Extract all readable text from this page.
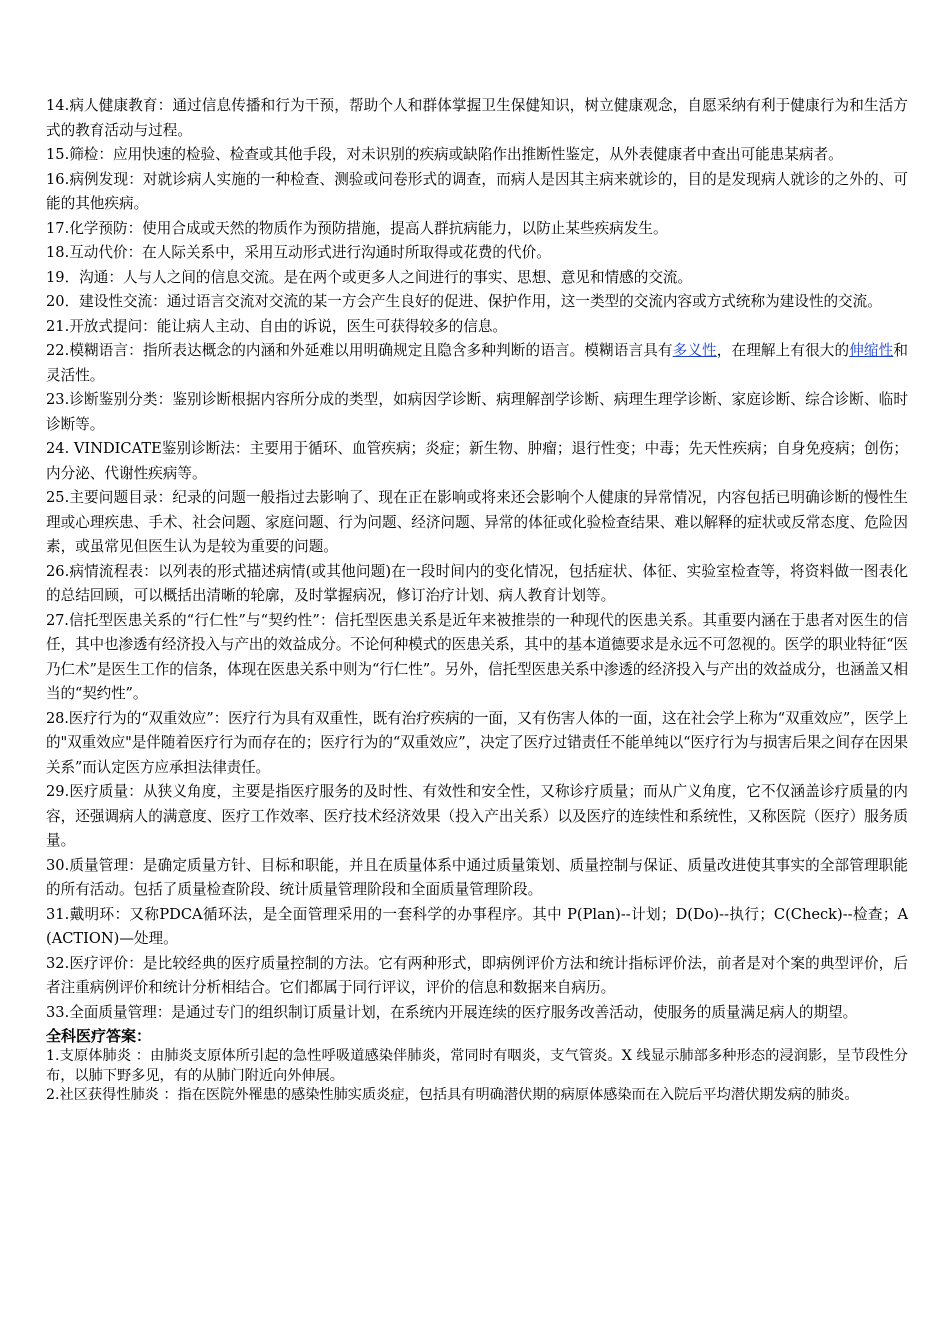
14.病人健康教育：通过信息传播和行为干预，帮助个人和群体掌握卫生保健知识，树立健康观念，自愿采纳有利于健康行为和生活方式的教育活动与过程。

15.筛检：应用快速的检验、检查或其他手段，对未识别的疾病或缺陷作出推断性鉴定，从外表健康者中查出可能患某病者。

16.病例发现：对就诊病人实施的一种检查、测验或问卷形式的调查，而病人是因其主病来就诊的，目的是发现病人就诊的之外的、可能的其他疾病。

17.化学预防：使用合成或天然的物质作为预防措施，提高人群抗病能力，以防止某些疾病发生。

18.互动代价：在人际关系中，采用互动形式进行沟通时所取得或花费的代价。

19．沟通：人与人之间的信息交流。是在两个或更多人之间进行的事实、思想、意见和情感的交流。

20．建设性交流：通过语言交流对交流的某一方会产生良好的促进、保护作用，这一类型的交流内容或方式统称为建设性的交流。

21.开放式提问：能让病人主动、自由的诉说，医生可获得较多的信息。

22.模糊语言：指所表达概念的内涵和外延难以用明确规定且隐含多种判断的语言。模糊语言具有多义性，在理解上有很大的伸缩性和灵活性。

23.诊断鉴别分类：鉴别诊断根据内容所分成的类型，如病因学诊断、病理解剖学诊断、病理生理学诊断、家庭诊断、综合诊断、临时诊断等。

24. VINDICATE鉴别诊断法：主要用于循环、血管疾病；炎症；新生物、肿瘤；退行性变；中毒；先天性疾病；自身免疫病；创伤；内分泌、代谢性疾病等。

25.主要问题目录：纪录的问题一般指过去影响了、现在正在影响或将来还会影响个人健康的异常情况，内容包括已明确诊断的慢性生理或心理疾患、手术、社会问题、家庭问题、行为问题、经济问题、异常的体征或化验检查结果、难以解释的症状或反常态度、危险因素，或虽常见但医生认为是较为重要的问题。

26.病情流程表：以列表的形式描述病情(或其他问题)在一段时间内的变化情况，包括症状、体征、实验室检查等，将资料做一图表化的总结回顾，可以概括出清晰的轮廓，及时掌握病况，修订治疗计划、病人教育计划等。

27.信托型医患关系的“行仁性”与“契约性”：信托型医患关系是近年来被推崇的一种现代的医患关系。其重要内涵在于患者对医生的信任，其中也渗透有经济投入与产出的效益成分。不论何种模式的医患关系，其中的基本道德要求是永远不可忽视的。医学的职业特征“医乃仁术”是医生工作的信条，体现在医患关系中则为“行仁性”。另外，信托型医患关系中渗透的经济投入与产出的效益成分，也涵盖又相当的“契约性”。

28.医疗行为的“双重效应”：医疗行为具有双重性，既有治疗疾病的一面，又有伤害人体的一面，这在社会学上称为“双重效应”，医学上的"双重效应"是伴随着医疗行为而存在的；医疗行为的“双重效应”，决定了医疗过错责任不能单纯以“医疗行为与损害后果之间存在因果关系”而认定医方应承担法律责任。

29.医疗质量：从狭义角度，主要是指医疗服务的及时性、有效性和安全性，又称诊疗质量；而从广义角度，它不仅涵盖诊疗质量的内容，还强调病人的满意度、医疗工作效率、医疗技术经济效果（投入产出关系）以及医疗的连续性和系统性，又称医院（医疗）服务质量。

30.质量管理：是确定质量方针、目标和职能，并且在质量体系中通过质量策划、质量控制与保证、质量改进使其事实的全部管理职能的所有活动。包括了质量检查阶段、统计质量管理阶段和全面质量管理阶段。

31.戴明环：又称PDCA循环法，是全面管理采用的一套科学的办事程序。其中 P(Plan)--计划；D(Do)--执行；C(Check)--检查；A (ACTION)—处理。

32.医疗评价：是比较经典的医疗质量控制的方法。它有两种形式，即病例评价方法和统计指标评价法，前者是对个案的典型评价，后者注重病例评价和统计分析相结合。它们都属于同行评议，评价的信息和数据来自病历。

33.全面质量管理：是通过专门的组织制订质量计划，在系统内开展连续的医疗服务改善活动，使服务的质量满足病人的期望。

全科医疗答案：

1.支原体肺炎 ：由肺炎支原体所引起的急性呼吸道感染伴肺炎，常同时有咽炎，支气管炎。X 线显示肺部多种形态的浸润影，呈节段性分布，以肺下野多见，有的从肺门附近向外伸展。

2.社区获得性肺炎 ：指在医院外罹患的感染性肺实质炎症，包括具有明确潜伏期的病原体感染而在入院后平均潜伏期发病的肺炎。
